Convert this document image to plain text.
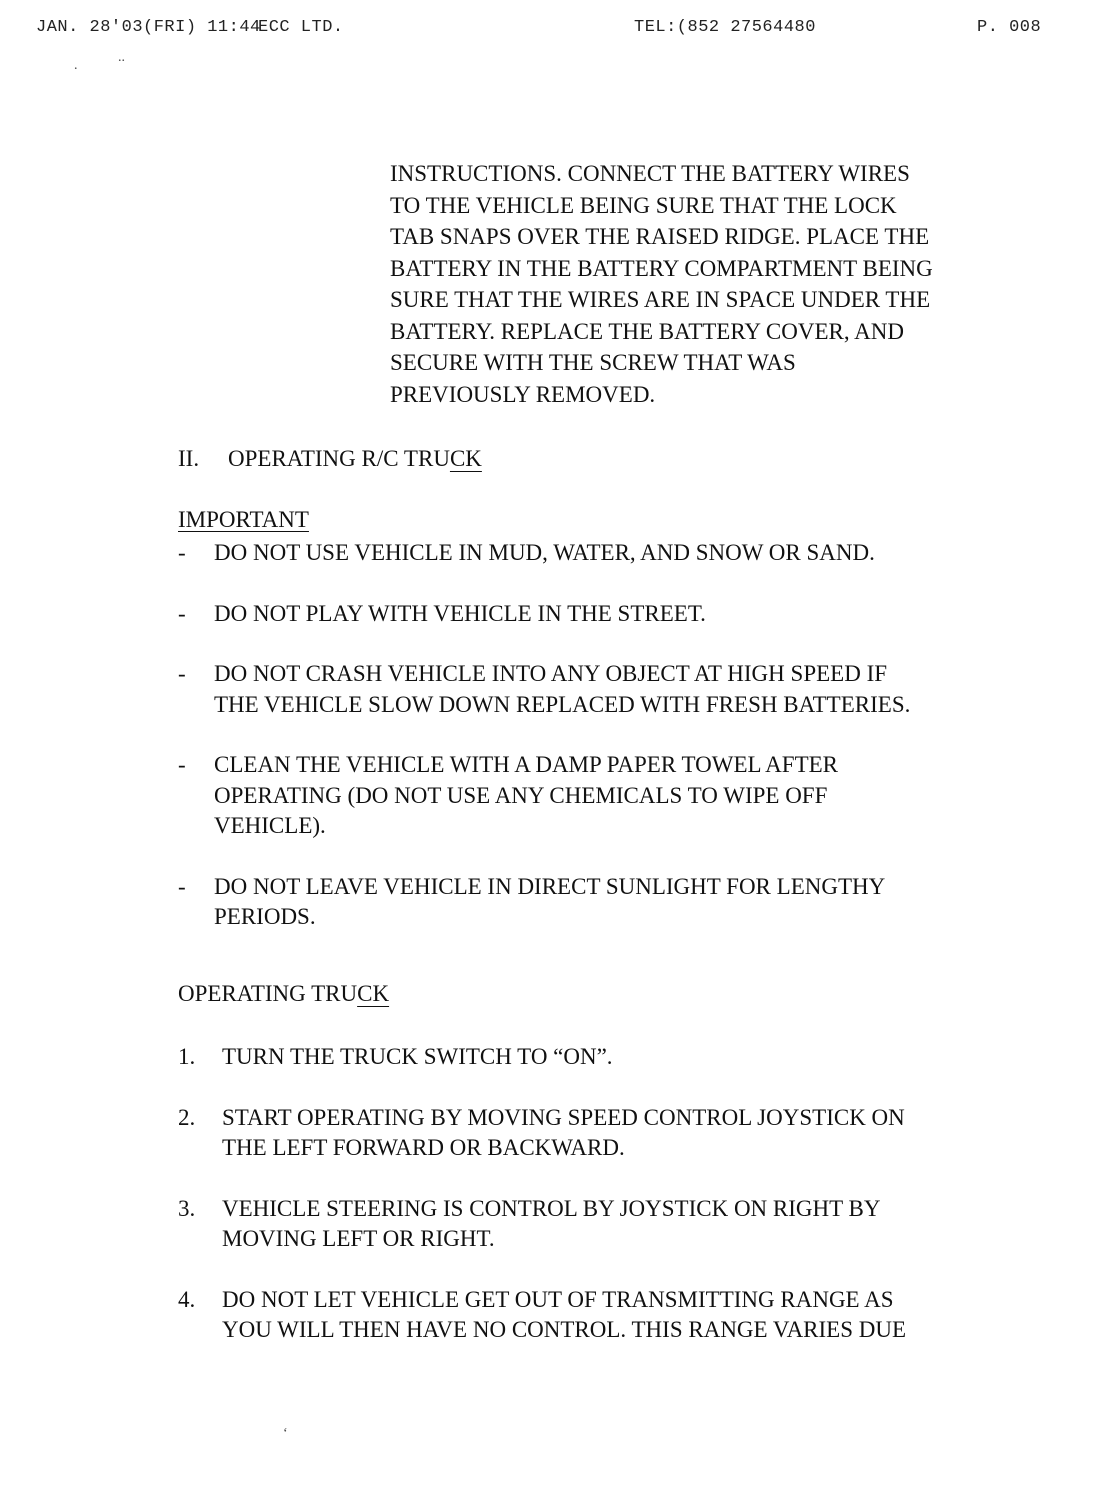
JAN. 28'03(FRI) 11:44
ECC LTD.	TEL:(852 27564480	P. 008
.
..
‘

INSTRUCTIONS. CONNECT THE BATTERY WIRES
TO THE VEHICLE BEING SURE THAT THE LOCK
TAB SNAPS OVER THE RAISED RIDGE. PLACE THE
BATTERY IN THE BATTERY COMPARTMENT BEING
SURE THAT THE WIRES ARE IN SPACE UNDER THE
BATTERY. REPLACE THE BATTERY COVER, AND
SECURE WITH THE SCREW THAT WAS
PREVIOUSLY REMOVED.

II. OPERATING R/C TRUCK

IMPORTANT

-	DO NOT USE VEHICLE IN MUD, WATER, AND SNOW OR SAND.
-	DO NOT PLAY WITH VEHICLE IN THE STREET.
-	DO NOT CRASH VEHICLE INTO ANY OBJECT AT HIGH SPEED IF
THE VEHICLE SLOW DOWN REPLACED WITH FRESH BATTERIES.
-	CLEAN THE VEHICLE WITH A DAMP PAPER TOWEL AFTER
OPERATING (DO NOT USE ANY CHEMICALS TO WIPE OFF
VEHICLE).
-	DO NOT LEAVE VEHICLE IN DIRECT SUNLIGHT FOR LENGTHY
PERIODS.

OPERATING TRUCK

1.	TURN THE TRUCK SWITCH TO “ON”.
2.	START OPERATING BY MOVING SPEED CONTROL JOYSTICK ON
THE LEFT FORWARD OR BACKWARD.
3.	VEHICLE STEERING IS CONTROL BY JOYSTICK ON RIGHT BY
MOVING LEFT OR RIGHT.
4.	DO NOT LET VEHICLE GET OUT OF TRANSMITTING RANGE AS
YOU WILL THEN HAVE NO CONTROL. THIS RANGE VARIES DUE
